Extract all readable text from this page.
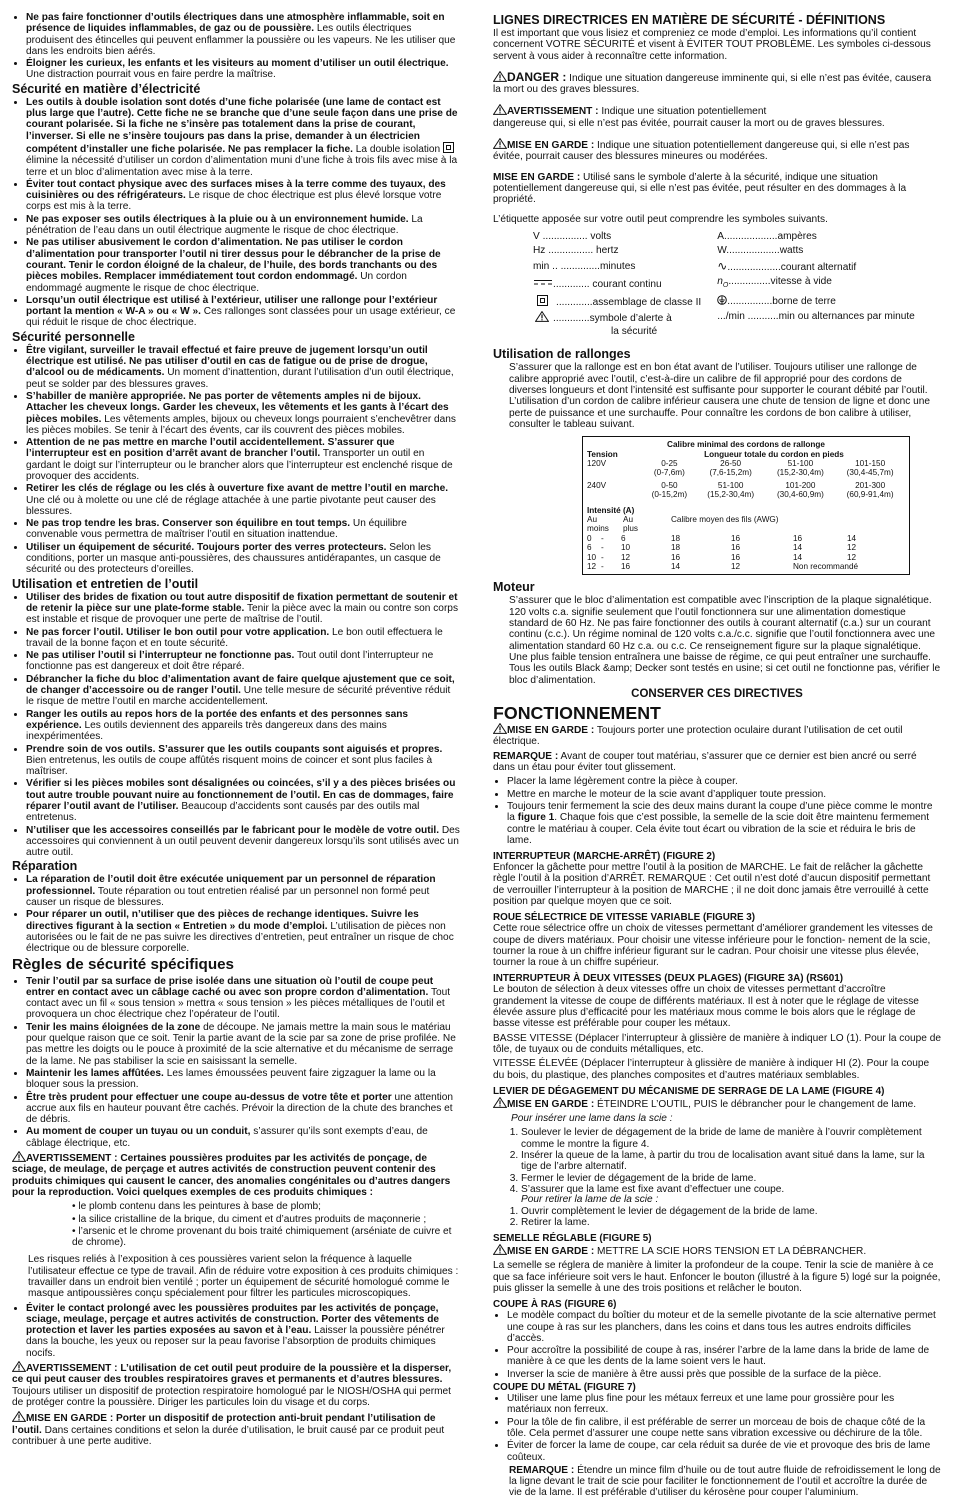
• Ne pas faire fonctionner d’outils électriques dans une atmosphère inflammable, soit en présence de liquides inflammables, de gaz ou de poussière. Les outils électriques produisent des étincelles qui peuvent enflammer la poussière ou les vapeurs. Ne les utiliser que dans les endroits bien aérés.
• Éloigner les curieux, les enfants et les visiteurs au moment d’utiliser un outil électrique. Une distraction pourrait vous en faire perdre la maîtrise.
Sécurité en matière d’électricité
• Les outils à double isolation sont dotés d’une fiche polarisée (une lame de contact est plus large que l’autre). Cette fiche ne se branche que d’une seule façon dans une prise de courant polarisée. Si la fiche ne s’insère pas totalement dans la prise de courant, l’inverser. Si elle ne s’insère toujours pas dans la prise, demander à un électricien compétent d’installer une fiche polarisée. Ne pas remplacer la fiche. La double isolation  élimine la nécessité d’utiliser un cordon d’alimentation muni d’une fiche à trois fils avec mise à la terre et un bloc d’alimentation avec mise à la terre.
• Éviter tout contact physique avec des surfaces mises à la terre comme des tuyaux, des cuisinières ou des réfrigérateurs. Le risque de choc électrique est plus élevé lorsque votre corps est mis à la terre.
• Ne pas exposer ses outils électriques à la pluie ou à un environnement humide. La pénétration de l’eau dans un outil électrique augmente le risque de choc électrique.
• Ne pas utiliser abusivement le cordon d’alimentation. Ne pas utiliser le cordon d’alimentation pour transporter l’outil ni tirer dessus pour le débrancher de la prise de courant. Tenir le cordon éloigné de la chaleur, de l’huile, des bords tranchants ou des pièces mobiles. Remplacer immédiatement tout cordon endommagé. Un cordon endommagé augmente le risque de choc électrique.
• Lorsqu’un outil électrique est utilisé à l’extérieur, utiliser une rallonge pour l’extérieur portant la mention « W-A » ou « W ». Ces rallonges sont classées pour un usage extérieur, ce qui réduit le risque de choc électrique.
Sécurité personnelle
• Être vigilant, surveiller le travail effectué et faire preuve de jugement lorsqu’un outil électrique est utilisé. Ne pas utiliser d’outil en cas de fatigue ou de prise de drogue, d’alcool ou de médicaments. Un moment d’inattention, durant l’utilisation d’un outil électrique, peut se solder par des blessures graves.
• S’habiller de manière appropriée. Ne pas porter de vêtements amples ni de bijoux. Attacher les cheveux longs. Garder les cheveux, les vêtements et les gants à l’écart des pièces mobiles. Les vêtements amples, bijoux ou cheveux longs pourraient s’enchevêtrer dans les pièces mobiles. Se tenir à l’écart des évents, car ils couvrent des pièces mobiles.
• Attention de ne pas mettre en marche l’outil accidentellement. S’assurer que l’interrupteur est en position d’arrêt avant de brancher l’outil. Transporter un outil en gardant le doigt sur l’interrupteur ou le brancher alors que l’interrupteur est enclenché risque de provoquer des accidents.
• Retirer les clés de réglage ou les clés à ouverture fixe avant de mettre l’outil en marche. Une clé ou à molette ou une clé de réglage attachée à une partie pivotante peut causer des blessures.
• Ne pas trop tendre les bras. Conserver son équilibre en tout temps. Un équilibre convenable vous permettra de maîtriser l’outil en situation inattendue.
• Utiliser un équipement de sécurité. Toujours porter des verres protecteurs. Selon les conditions, porter un masque anti-poussières, des chaussures antidérapantes, un casque de sécurité ou des protecteurs d’oreilles.
Utilisation et entretien de l’outil
• Utiliser des brides de fixation ou tout autre dispositif de fixation permettant de soutenir et de retenir la pièce sur une plate-forme stable. Tenir la pièce avec la main ou contre son corps est instable et risque de provoquer une perte de maîtrise de l’outil.
• Ne pas forcer l’outil. Utiliser le bon outil pour votre application. Le bon outil effectuera le travail de la bonne façon et en toute sécurité.
• Ne pas utiliser l’outil si l’interrupteur ne fonctionne pas. Tout outil dont l’interrupteur ne fonctionne pas est dangereux et doit être réparé.
• Débrancher la fiche du bloc d’alimentation avant de faire quelque ajustement que ce soit, de changer d’accessoire ou de ranger l’outil. Une telle mesure de sécurité préventive réduit le risque de mettre l’outil en marche accidentellement.
• Ranger les outils au repos hors de la portée des enfants et des personnes sans expérience. Les outils deviennent des appareils très dangereux dans des mains inexpérimentées.
• Prendre soin de vos outils. S’assurer que les outils coupants sont aiguisés et propres. Bien entretenus, les outils de coupe affûtés risquent moins de coincer et sont plus faciles à maîtriser.
• Vérifier si les pièces mobiles sont désalignées ou coincées, s’il y a des pièces brisées ou tout autre trouble pouvant nuire au fonctionnement de l’outil. En cas de dommages, faire réparer l’outil avant de l’utiliser. Beaucoup d’accidents sont causés par des outils mal entretenus.
• N’utiliser que les accessoires conseillés par le fabricant pour le modèle de votre outil. Des accessoires qui conviennent à un outil peuvent devenir dangereux lorsqu’ils sont utilisés avec un autre outil.
Réparation
• La réparation de l’outil doit être exécutée uniquement par un personnel de réparation professionnel. Toute réparation ou tout entretien réalisé par un personnel non formé peut causer un risque de blessures.
• Pour réparer un outil, n’utiliser que des pièces de rechange identiques. Suivre les directives figurant à la section « Entretien » du mode d’emploi. L’utilisation de pièces non autorisées ou le fait de ne pas suivre les directives d’entretien, peut entraîner un risque de choc électrique ou de blessure corporelle.
Règles de sécurité spécifiques
• Tenir l’outil par sa surface de prise isolée dans une situation où l’outil de coupe peut entrer en contact avec un câblage caché ou avec son propre cordon d’alimentation. Tout contact avec un fil « sous tension » mettra « sous tension » les pièces métalliques de l’outil et provoquera un choc électrique chez l’opérateur de l’outil.
• Tenir les mains éloignées de la zone de découpe. Ne jamais mettre la main sous le matériau pour quelque raison que ce soit. Tenir la partie avant de la scie par sa zone de prise profilée. Ne pas mettre les doigts ou le pouce à proximité de la scie alternative et du mécanisme de serrage de la lame. Ne pas stabiliser la scie en saisissant la semelle.
• Maintenir les lames affûtées. Les lames émoussées peuvent faire zigzaguer la lame ou la bloquer sous la pression.
• Être très prudent pour effectuer une coupe au-dessus de votre tête et porter une attention accrue aux fils en hauteur pouvant être cachés. Prévoir la direction de la chute des branches et de débris.
• Au moment de couper un tuyau ou un conduit, s’assurer qu’ils sont exempts d’eau, de câblage électrique, etc.

AVERTISSEMENT : Certaines poussières produites par les activités de ponçage, de sciage, de meulage, de perçage et autres activités de construction peuvent contenir des produits chimiques qui causent le cancer, des anomalies congénitales ou d’autres dangers pour la reproduction. Voici quelques exemples de ces produits chimiques :

• le plomb contenu dans les peintures à base de plomb;
• la silice cristalline de la brique, du ciment et d’autres produits de maçonnerie ;
• l’arsenic et le chrome provenant du bois traité chimiquement (arséniate de cuivre et de chrome).

Les risques reliés à l’exposition à ces poussières varient selon la fréquence à laquelle l’utilisateur effectue ce type de travail. Afin de réduire votre exposition à ces produits chimiques : travailler dans un endroit bien ventilé ; porter un équipement de sécurité homologué comme le masque antipoussières conçu spécialement pour filtrer les particules microscopiques.

• Éviter le contact prolongé avec les poussières produites par les activités de ponçage, sciage, meulage, perçage et autres activités de construction. Porter des vêtements de protection et laver les parties exposées au savon et à l’eau. Laisser la poussière pénétrer dans la bouche, les yeux ou reposer sur la peau favorise l’absorption de produits chimiques nocifs.

AVERTISSEMENT : L’utilisation de cet outil peut produire de la poussière et la disperser, ce qui peut causer des troubles respiratoires graves et permanents et d’autres blessures. Toujours utiliser un dispositif de protection respiratoire homologué par le NIOSH/OSHA qui permet de protéger contre la poussière. Diriger les particules loin du visage et du corps.

MISE EN GARDE : Porter un dispositif de protection anti-bruit pendant l’utilisation de l’outil. Dans certaines conditions et selon la durée d’utilisation, le bruit causé par ce produit peut contribuer à une perte auditive.

LIGNES DIRECTRICES EN MATIÈRE DE SÉCURITÉ - DÉFINITIONS

Il est important que vous lisiez et compreniez ce mode d’emploi. Les informations qu’il contient concernent VOTRE SÉCURITÉ et visent à ÉVITER TOUT PROBLÈME. Les symboles ci-dessous servent à vous aider à reconnaître cette information.

DANGER : Indique une situation dangereuse imminente qui, si elle n’est pas évitée, causera la mort ou des graves blessures.

AVERTISSEMENT : Indique une situation potentiellement

dangereuse qui, si elle n’est pas évitée, pourrait causer la mort ou de graves blessures.

MISE EN GARDE : Indique une situation potentiellement dangereuse qui, si elle n’est pas évitée, pourrait causer des blessures mineures ou modérées.

MISE EN GARDE : Utilisé sans le symbole d’alerte à la sécurité, indique une situation potentiellement dangereuse qui, si elle n’est pas évitée, peut résulter en des dommages à la propriété.

L’étiquette apposée sur votre outil peut comprendre les symboles suivants.

V ................ volts	A...................ampères
Hz ................ hertz	W...................watts
min .. ..............minutes	∿...................courant alternatif
............. courant continu	$n_O...............vitesse$ à vide
.............assemblage de classe II	................borne de terre

.............symbole d’alerte à
la sécurité	.../min ...........min ou alternances par minute
Utilisation de rallonges

S’assurer que la rallonge est en bon état avant de l’utiliser. Toujours utiliser une rallonge de calibre approprié avec l’outil, c’est-à-dire un calibre de fil approprié pour des cordons de diverses longueurs et dont l’intensité est suffisante pour supporter le courant débité par l’outil. L’utilisation d’un cordon de calibre inférieur causera une chute de tension de ligne et donc une perte de puissance et une surchauffe. Pour connaître les cordons de bon calibre à utiliser, consulter le tableau suivant.

Calibre minimal des cordons de rallonge
Tension	Longueur totale du cordon en pieds			
120V	0-25	26-50	51-100	101-150
	(0-7,6m)	(7,6-15,2m)	(15,2-30,4m)	(30,4-45,7m)
240V	0-50	51-100	101-200	201-300
	(0-15,2m)	(15,2-30,4m)	(30,4-60,9m)	(60,9-91,4m)
Intensité (A)
Au	Au	Calibre moyen des fils (AWG)
moins	plus	
0	-	6	18	16	16	14
6	-	10	18	16	14	12
10	-	12	16	16	14	12
12	-	16	14	12	Non recommandé	
Moteur

S’assurer que le bloc d’alimentation est compatible avec l’inscription de la plaque signalétique. 120 volts c.a. signifie seulement que l’outil fonctionnera sur une alimentation domestique standard de 60 Hz. Ne pas faire fonctionner des outils à courant alternatif (c.a.) sur un courant continu (c.c.). Un régime nominal de 120 volts c.a./c.c. signifie que l’outil fonctionnera avec une alimentation standard 60 Hz c.a. ou c.c. Ce renseignement figure sur la plaque signalétique. Une plus faible tension entraînera une baisse de régime, ce qui peut entraîner une surchauffe. Tous les outils Black &amp; Decker sont testés en usine; si cet outil ne fonctionne pas, vérifier le bloc d’alimentation.

CONSERVER CES DIRECTIVES
FONCTIONNEMENT

MISE EN GARDE : Toujours porter une protection oculaire durant l’utilisation de cet outil électrique.

REMARQUE : Avant de couper tout matériau, s’assurer que ce dernier est bien ancré ou serré dans un étau pour éviter tout glissement.

• Placer la lame légèrement contre la pièce à couper.
• Mettre en marche le moteur de la scie avant d’appliquer toute pression.
• Toujours tenir fermement la scie des deux mains durant la coupe d’une pièce comme le montre la figure 1. Chaque fois que c’est possible, la semelle de la scie doit être maintenu fermement contre le matériau à couper. Cela évite tout écart ou vibration de la scie et réduira le bris de lame.
INTERRUPTEUR (MARCHE-ARRÊT) (FIGURE 2)

Enfoncer la gâchette pour mettre l’outil à la position de MARCHE. Le fait de relâcher la gâchette règle l’outil à la position d’ARRÊT. REMARQUE : Cet outil n’est doté d’aucun dispositif permettant de verrouiller l’interrupteur à la position de MARCHE ; il ne doit donc jamais être verrouillé à cette position par quelque moyen que ce soit.

ROUE SÉLECTRICE DE VITESSE VARIABLE (FIGURE 3)

Cette roue sélectrice offre un choix de vitesses permettant d’améliorer grandement les vitesses de coupe de divers matériaux. Pour choisir une vitesse inférieure pour le fonction- nement de la scie, tourner la roue à un chiffre inférieur figurant sur le cadran. Pour choisir une vitesse plus élevée, tourner la roue à un chiffre supérieur.

INTERRUPTEUR À DEUX VITESSES (DEUX PLAGES) (FIGURE 3A) (RS601)

Le bouton de sélection à deux vitesses offre un choix de vitesses permettant d’accroître grandement la vitesse de coupe de différents matériaux. Il est à noter que le réglage de vitesse élevée assure plus d’efficacité pour les matériaux mous comme le bois alors que le réglage de basse vitesse est préférable pour couper les métaux.

BASSE VITESSE (Déplacer l’interrupteur à glissière de manière à indiquer LO (1). Pour la coupe de tôle, de tuyaux ou de conduits métalliques, etc.

VITESSE ÉLEVÉE (Déplacer l’interrupteur à glissière de manière à indiquer HI (2). Pour la coupe du bois, du plastique, des planches composites et d’autres matériaux semblables.

LEVIER DE DÉGAGEMENT DU MÉCANISME DE SERRAGE DE LA LAME (FIGURE 4)

MISE EN GARDE : ÉTEINDRE L’OUTIL, PUIS le débrancher pour le changement de lame.

Pour insérer une lame dans la scie :

1. Soulever le levier de dégagement de la bride de lame de manière à l’ouvrir complètement comme le montre la figure 4.
2. Insérer la queue de la lame, à partir du trou de localisation avant situé dans la lame, sur la tige de l’arbre alternatif.
3. Fermer le levier de dégagement de la bride de lame.
4. S’assurer que la lame est fixe avant d’effectuer une coupe.

Pour retirer la lame de la scie :

1. Ouvrir complètement le levier de dégagement de la bride de lame.
2. Retirer la lame.
SEMELLE RÉGLABLE (FIGURE 5)

MISE EN GARDE : METTRE LA SCIE HORS TENSION ET LA DÉBRANCHER.

La semelle se réglera de manière à limiter la profondeur de la coupe. Tenir la scie de manière à ce que sa face inférieure soit vers le haut. Enfoncer le bouton (illustré à la figure 5) logé sur la poignée, puis glisser la semelle à une des trois positions et relâcher le bouton.

COUPE À RAS (FIGURE 6)
• Le modèle compact du boîtier du moteur et de la semelle pivotante de la scie alternative permet une coupe à ras sur les planchers, dans les coins et dans tous les autres endroits difficiles d’accès.
• Pour accroître la possibilité de coupe à ras, insérer l’arbre de la lame dans la bride de lame de manière à ce que les dents de la lame soient vers le haut.
• Inverser la scie de manière à être aussi près que possible de la surface de la pièce.
COUPE DU MÉTAL (FIGURE 7)
• Utiliser une lame plus fine pour les métaux ferreux et une lame pour grossière pour les matériaux non ferreux.
• Pour la tôle de fin calibre, il est préférable de serrer un morceau de bois de chaque côté de la tôle. Cela permet d’assurer une coupe nette sans vibration excessive ou déchirure de la tôle.
• Éviter de forcer la lame de coupe, car cela réduit sa durée de vie et provoque des bris de lame coûteux.

REMARQUE : Étendre un mince film d’huile ou de tout autre fluide de refroidissement le long de la ligne devant le trait de scie pour faciliter le fonctionnement de l’outil et accroître la durée de vie de la lame. Il est préférable d’utiliser du kérosène pour couper l’aluminium.
